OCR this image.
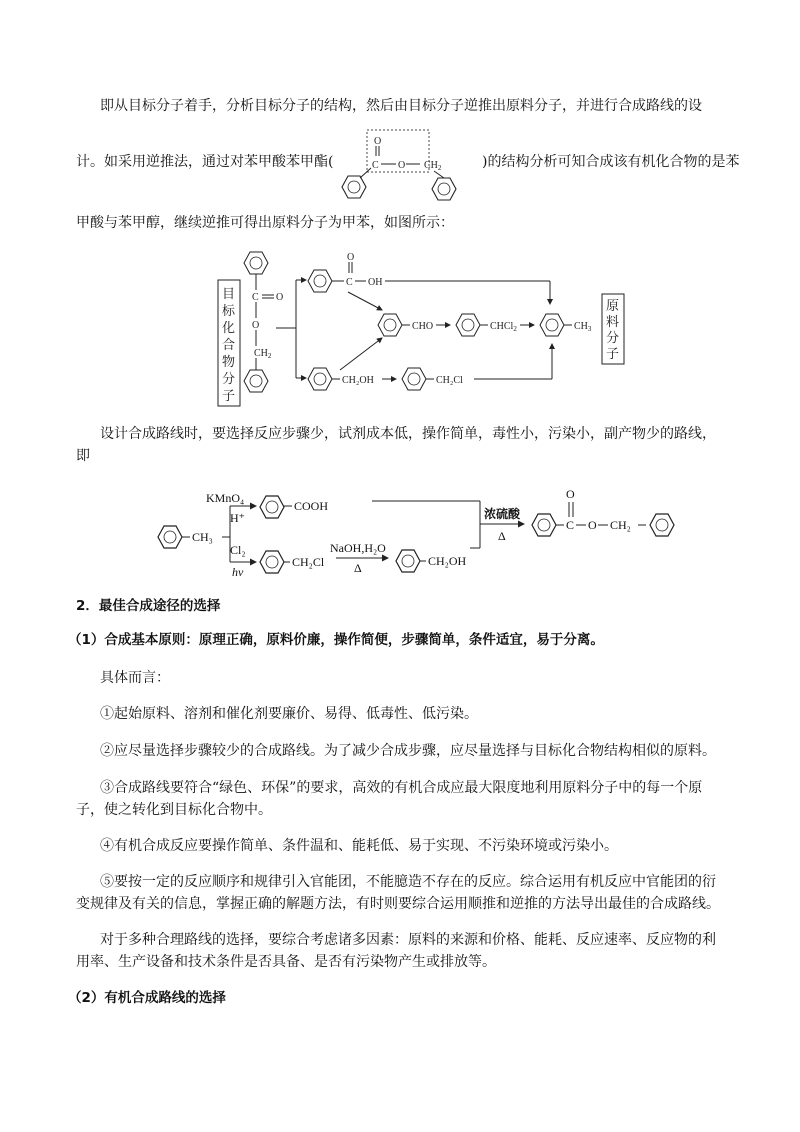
即从目标分子着手，分析目标分子的结构，然后由目标分子逆推出原料分子，并进行合成路线的设
计。如采用逆推法，通过对苯甲酸苯甲酯(	)的结构分析可知合成该有机化合物的是苯
甲酸与苯甲醇，继续逆推可得出原料分子为甲苯，如图所示：
O
C O $CH_2$
目
标
化
合
物
分
子
C O
O
$CH_2$
C
O
OH
CHO	CHCl$_2$	$CH_3$
原
料
分
子
CH₂OH	CH₂Cl
设计合成路线时，要选择反应步骤少，试剂成本低，操作简单，毒性小，污染小，副产物少的路线，
即
CH₃
KMnO₄
H⁺
COOH
Cl₂
hv
CH₂Cl
NaOH,H₂O
Δ	CH₂OH
浓硫酸
Δ
C
O
O CH₂
2．最佳合成途径的选择
（1）合成基本原则：原理正确，原料价廉，操作简便，步骤简单，条件适宜，易于分离。
具体而言：
①起始原料、溶剂和催化剂要廉价、易得、低毒性、低污染。
②应尽量选择步骤较少的合成路线。为了减少合成步骤，应尽量选择与目标化合物结构相似的原料。
③合成路线要符合“绿色、环保”的要求，高效的有机合成应最大限度地利用原料分子中的每一个原
子，使之转化到目标化合物中。
④有机合成反应要操作简单、条件温和、能耗低、易于实现、不污染环境或污染小。
⑤要按一定的反应顺序和规律引入官能团，不能臆造不存在的反应。综合运用有机反应中官能团的衍
变规律及有关的信息，掌握正确的解题方法，有时则要综合运用顺推和逆推的方法导出最佳的合成路线。
对于多种合理路线的选择，要综合考虑诸多因素：原料的来源和价格、能耗、反应速率、反应物的利
用率、生产设备和技术条件是否具备、是否有污染物产生或排放等。
（2）有机合成路线的选择
